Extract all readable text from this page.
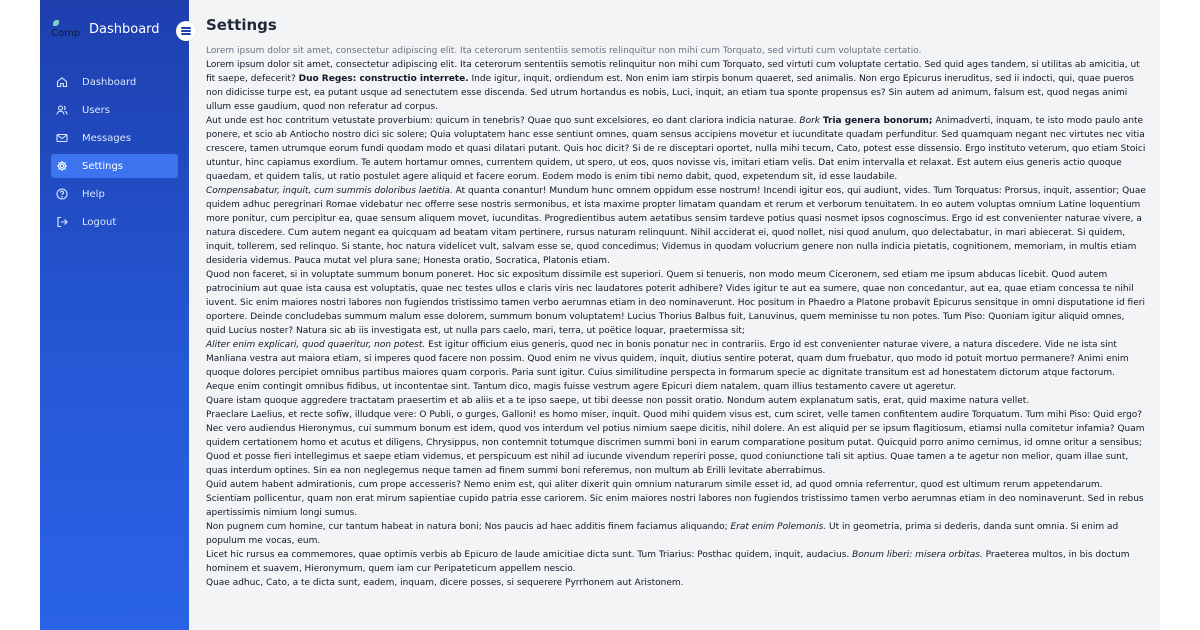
Comp Dashboard
Dashboard
Users
Messages
Settings
Help
Logout
Settings
Lorem ipsum dolor sit amet, consectetur adipiscing elit. Ita ceterorum sententiis semotis relinquitur non mihi cum Torquato, sed virtuti cum voluptate certatio.

Lorem ipsum dolor sit amet, consectetur adipiscing elit. Ita ceterorum sententiis semotis relinquitur non mihi cum Torquato, sed virtuti cum voluptate certatio. Sed quid ages tandem, si utilitas ab amicitia, ut fit saepe, defecerit? Duo Reges: constructio interrete. Inde igitur, inquit, ordiendum est. Non enim iam stirpis bonum quaeret, sed animalis. Non ergo Epicurus ineruditus, sed ii indocti, qui, quae pueros non didicisse turpe est, ea putant usque ad senectutem esse discenda. Sed utrum hortandus es nobis, Luci, inquit, an etiam tua sponte propensus es? Sin autem ad animum, falsum est, quod negas animi ullum esse gaudium, quod non referatur ad corpus.

Aut unde est hoc contritum vetustate proverbium: quicum in tenebris? Quae quo sunt excelsiores, eo dant clariora indicia naturae. Bork Tria genera bonorum; Animadverti, inquam, te isto modo paulo ante ponere, et scio ab Antiocho nostro dici sic solere; Quia voluptatem hanc esse sentiunt omnes, quam sensus accipiens movetur et iucunditate quadam perfunditur. Sed quamquam negant nec virtutes nec vitia crescere, tamen utrumque eorum fundi quodam modo et quasi dilatari putant. Quis hoc dicit? Si de re disceptari oportet, nulla mihi tecum, Cato, potest esse dissensio. Ergo instituto veterum, quo etiam Stoici utuntur, hinc capiamus exordium. Te autem hortamur omnes, currentem quidem, ut spero, ut eos, quos novisse vis, imitari etiam velis. Dat enim intervalla et relaxat. Est autem eius generis actio quoque quaedam, et quidem talis, ut ratio postulet agere aliquid et facere eorum. Eodem modo is enim tibi nemo dabit, quod, expetendum sit, id esse laudabile.

Compensabatur, inquit, cum summis doloribus laetitia. At quanta conantur! Mundum hunc omnem oppidum esse nostrum! Incendi igitur eos, qui audiunt, vides. Tum Torquatus: Prorsus, inquit, assentior; Quae quidem adhuc peregrinari Romae videbatur nec offerre sese nostris sermonibus, et ista maxime propter limatam quandam et rerum et verborum tenuitatem. In eo autem voluptas omnium Latine loquentium more ponitur, cum percipitur ea, quae sensum aliquem movet, iucunditas. Progredientibus autem aetatibus sensim tardeve potius quasi nosmet ipsos cognoscimus. Ergo id est convenienter naturae vivere, a natura discedere. Cum autem negant ea quicquam ad beatam vitam pertinere, rursus naturam relinquunt. Nihil acciderat ei, quod nollet, nisi quod anulum, quo delectabatur, in mari abiecerat. Si quidem, inquit, tollerem, sed relinquo. Si stante, hoc natura videlicet vult, salvam esse se, quod concedimus; Videmus in quodam volucrium genere non nulla indicia pietatis, cognitionem, memoriam, in multis etiam desideria videmus. Pauca mutat vel plura sane; Honesta oratio, Socratica, Platonis etiam.

Quod non faceret, si in voluptate summum bonum poneret. Hoc sic expositum dissimile est superiori. Quem si tenueris, non modo meum Ciceronem, sed etiam me ipsum abducas licebit. Quod autem patrocinium aut quae ista causa est voluptatis, quae nec testes ullos e claris viris nec laudatores poterit adhibere? Vides igitur te aut ea sumere, quae non concedantur, aut ea, quae etiam concessa te nihil iuvent. Sic enim maiores nostri labores non fugiendos tristissimo tamen verbo aerumnas etiam in deo nominaverunt. Hoc positum in Phaedro a Platone probavit Epicurus sensitque in omni disputatione id fieri oportere. Deinde concludebas summum malum esse dolorem, summum bonum voluptatem! Lucius Thorius Balbus fuit, Lanuvinus, quem meminisse tu non potes. Tum Piso: Quoniam igitur aliquid omnes, quid Lucius noster? Natura sic ab iis investigata est, ut nulla pars caelo, mari, terra, ut poëtice loquar, praetermissa sit;

Aliter enim explicari, quod quaeritur, non potest. Est igitur officium eius generis, quod nec in bonis ponatur nec in contrariis. Ergo id est convenienter naturae vivere, a natura discedere. Vide ne ista sint Manliana vestra aut maiora etiam, si imperes quod facere non possim. Quod enim ne vivus quidem, inquit, diutius sentire poterat, quam dum fruebatur, quo modo id potuit mortuo permanere? Animi enim quoque dolores percipiet omnibus partibus maiores quam corporis. Paria sunt igitur. Cuius similitudine perspecta in formarum specie ac dignitate transitum est ad honestatem dictorum atque factorum. Aeque enim contingit omnibus fidibus, ut incontentae sint. Tantum dico, magis fuisse vestrum agere Epicuri diem natalem, quam illius testamento cavere ut ageretur.

Quare istam quoque aggredere tractatam praesertim et ab aliis et a te ipso saepe, ut tibi deesse non possit oratio. Nondum autem explanatum satis, erat, quid maxime natura vellet.

Praeclare Laelius, et recte sofïw, illudque vere: O Publi, o gurges, Galloni! es homo miser, inquit. Quod mihi quidem visus est, cum sciret, velle tamen confitentem audire Torquatum. Tum mihi Piso: Quid ergo? Nec vero audiendus Hieronymus, cui summum bonum est idem, quod vos interdum vel potius nimium saepe dicitis, nihil dolere. An est aliquid per se ipsum flagitiosum, etiamsi nulla comitetur infamia? Quam quidem certationem homo et acutus et diligens, Chrysippus, non contemnit totumque discrimen summi boni in earum comparatione positum putat. Quicquid porro animo cernimus, id omne oritur a sensibus; Quod et posse fieri intellegimus et saepe etiam videmus, et perspicuum est nihil ad iucunde vivendum reperiri posse, quod coniunctione tali sit aptius. Quae tamen a te agetur non melior, quam illae sunt, quas interdum optines. Sin ea non neglegemus neque tamen ad finem summi boni referemus, non multum ab Erilli levitate aberrabimus.

Quid autem habent admirationis, cum prope accesseris? Nemo enim est, qui aliter dixerit quin omnium naturarum simile esset id, ad quod omnia referrentur, quod est ultimum rerum appetendarum. Scientiam pollicentur, quam non erat mirum sapientiae cupido patria esse cariorem. Sic enim maiores nostri labores non fugiendos tristissimo tamen verbo aerumnas etiam in deo nominaverunt. Sed in rebus apertissimis nimium longi sumus.

Non pugnem cum homine, cur tantum habeat in natura boni; Nos paucis ad haec additis finem faciamus aliquando; Erat enim Polemonis. Ut in geometria, prima si dederis, danda sunt omnia. Si enim ad populum me vocas, eum.

Licet hic rursus ea commemores, quae optimis verbis ab Epicuro de laude amicitiae dicta sunt. Tum Triarius: Posthac quidem, inquit, audacius. Bonum liberi: misera orbitas. Praeterea multos, in bis doctum hominem et suavem, Hieronymum, quem iam cur Peripateticum appellem nescio.

Quae adhuc, Cato, a te dicta sunt, eadem, inquam, dicere posses, si sequerere Pyrrhonem aut Aristonem.
